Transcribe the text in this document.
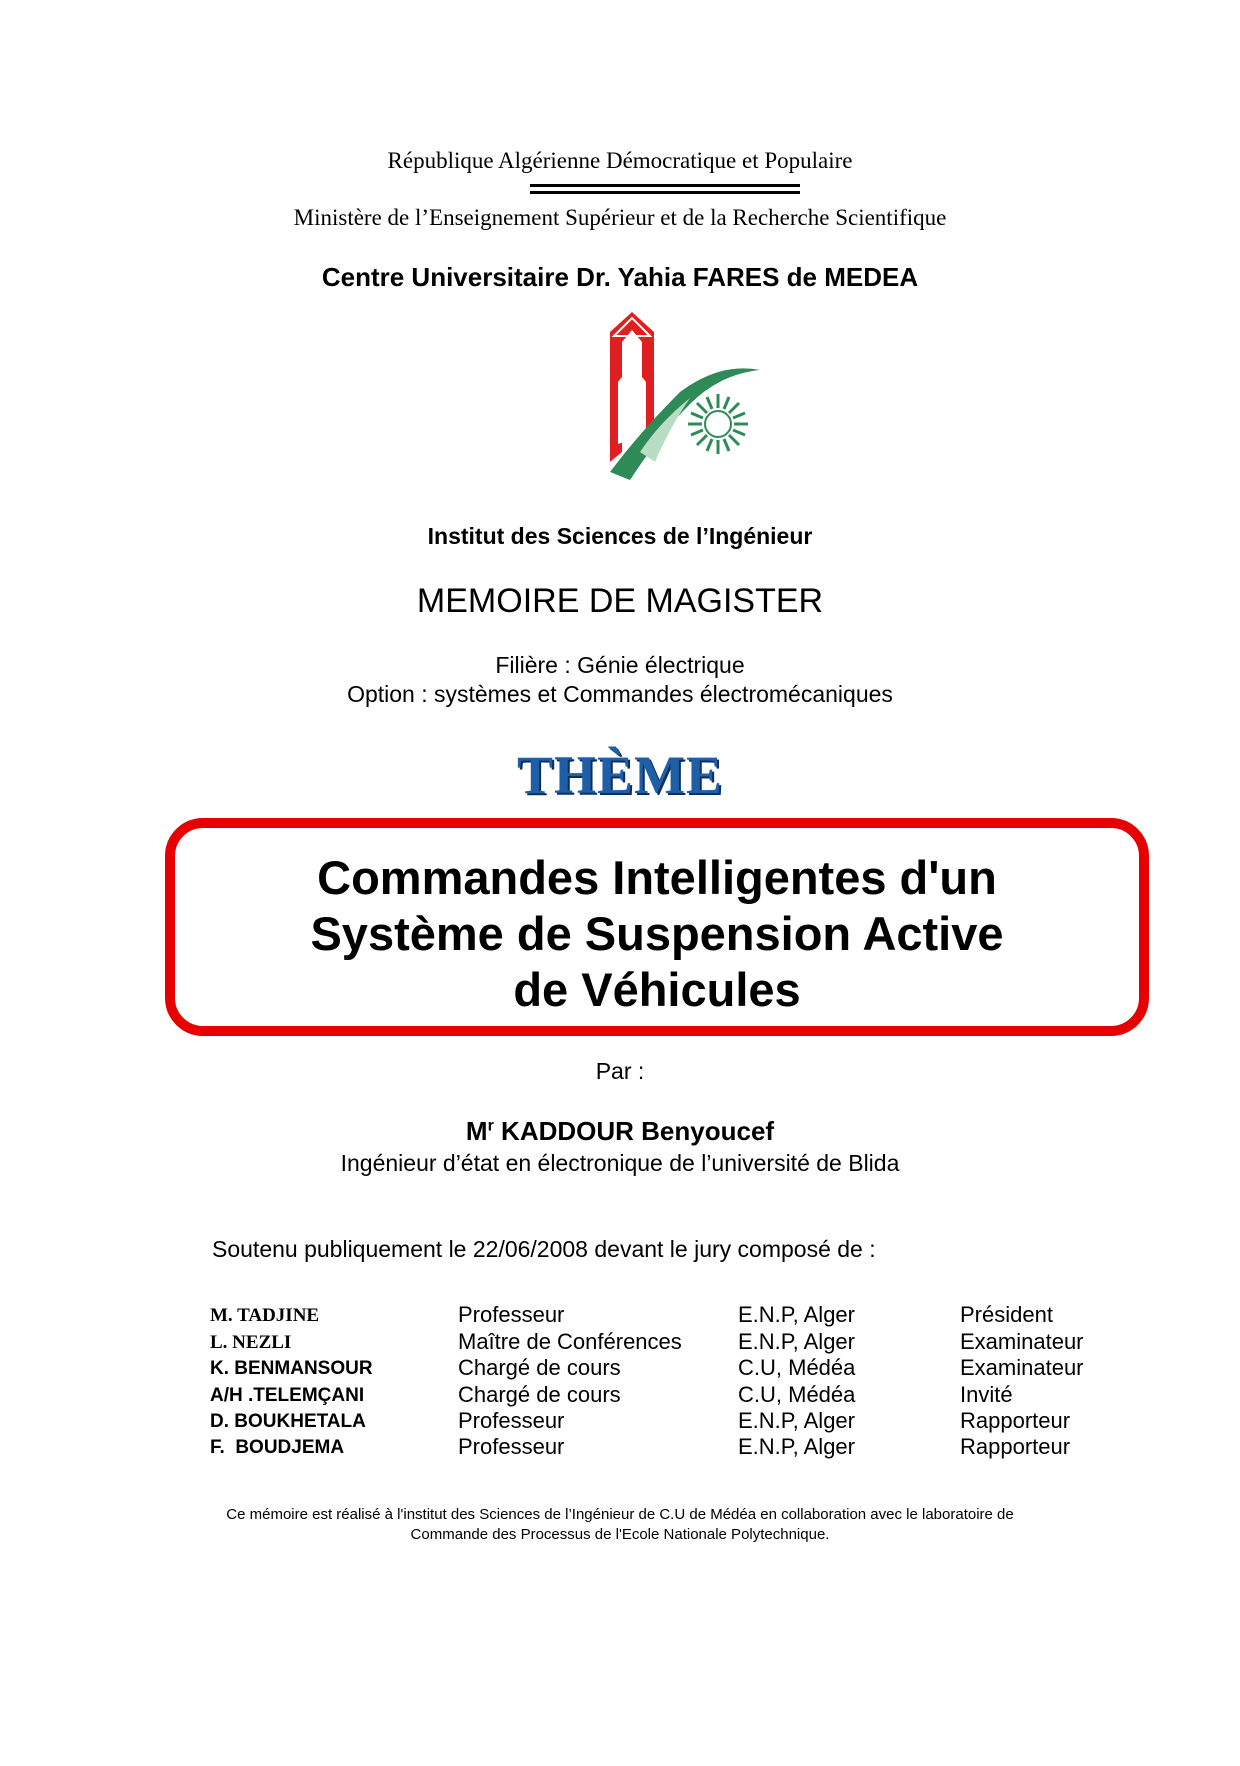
République Algérienne Démocratique et Populaire
Ministère de l’Enseignement Supérieur et de la Recherche Scientifique
Centre Universitaire Dr. Yahia FARES de MEDEA
Institut des Sciences de l’Ingénieur
MEMOIRE DE MAGISTER
Filière : Génie électrique
Option : systèmes et Commandes électromécaniques
THÈME
Commandes Intelligentes d'un
Système de Suspension Active
de Véhicules
Par :
$M^r$ KADDOUR Benyoucef
Ingénieur d’état en électronique de l’université de Blida
Soutenu publiquement le 22/06/2008 devant le jury composé de :
M. TADJINE	Professeur	E.N.P, Alger	Président
L. NEZLI	Maître de Conférences	E.N.P, Alger	Examinateur
K. BENMANSOUR	Chargé de cours	C.U, Médéa	Examinateur
A/H .TELEMÇANI	Chargé de cours	C.U, Médéa	Invité
D. BOUKHETALA	Professeur	E.N.P, Alger	Rapporteur
F.  BOUDJEMA	Professeur	E.N.P, Alger	Rapporteur
Ce mémoire est réalisé à l'institut des Sciences de l’Ingénieur de C.U de Médéa en collaboration avec le laboratoire de
Commande des Processus de l'Ecole Nationale Polytechnique.
